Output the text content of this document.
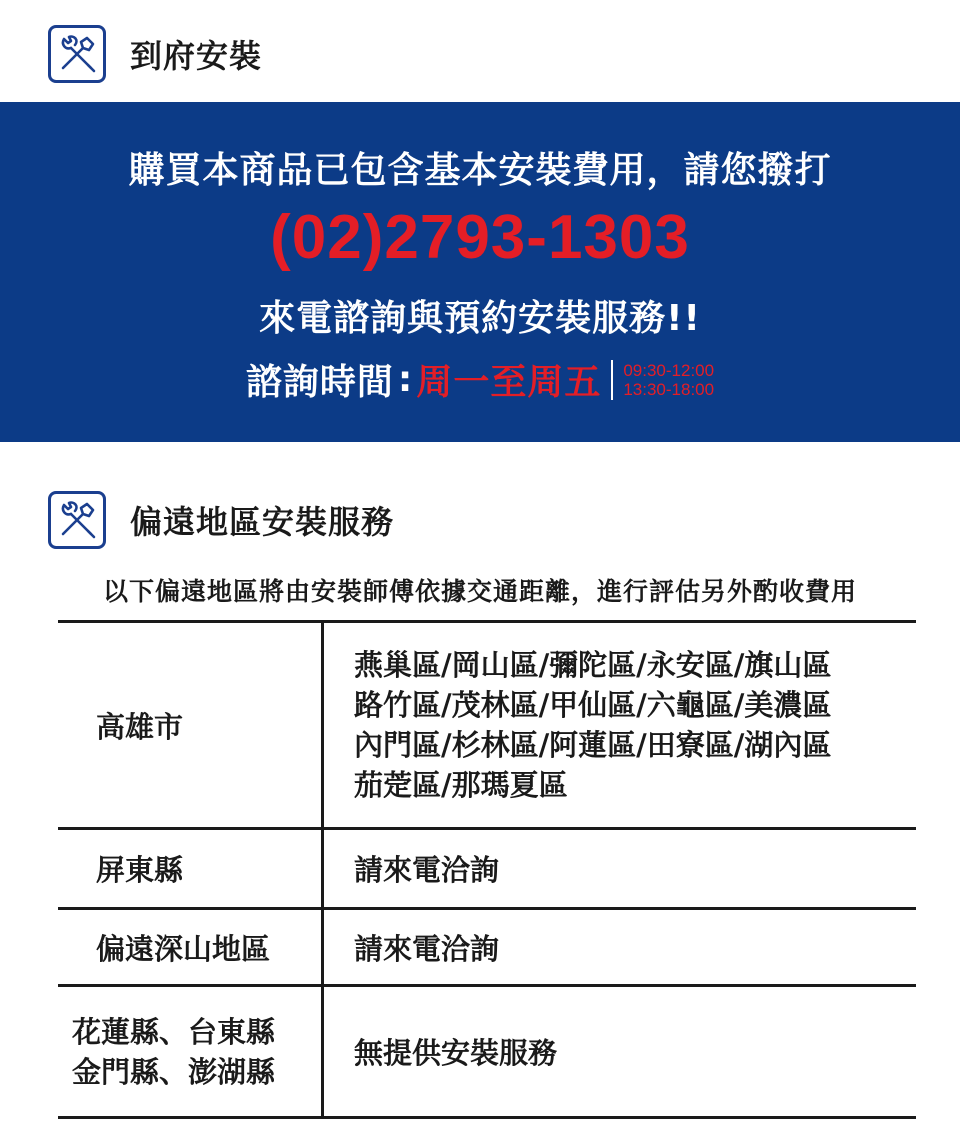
到府安裝
購買本商品已包含基本安裝費用，請您撥打
(02)2793-1303
來電諮詢與預約安裝服務!!
諮詢時間 : 周一至周五 09:30-12:00
13:30-18:00
偏遠地區安裝服務
以下偏遠地區將由安裝師傅依據交通距離，進行評估另外酌收費用
高雄市
燕巢區/岡山區/彌陀區/永安區/旗山區
路竹區/茂林區/甲仙區/六龜區/美濃區
內門區/杉林區/阿蓮區/田寮區/湖內區
茄萣區/那瑪夏區
屏東縣	請來電洽詢
偏遠深山地區	請來電洽詢
花蓮縣、台東縣
金門縣、澎湖縣
無提供安裝服務
